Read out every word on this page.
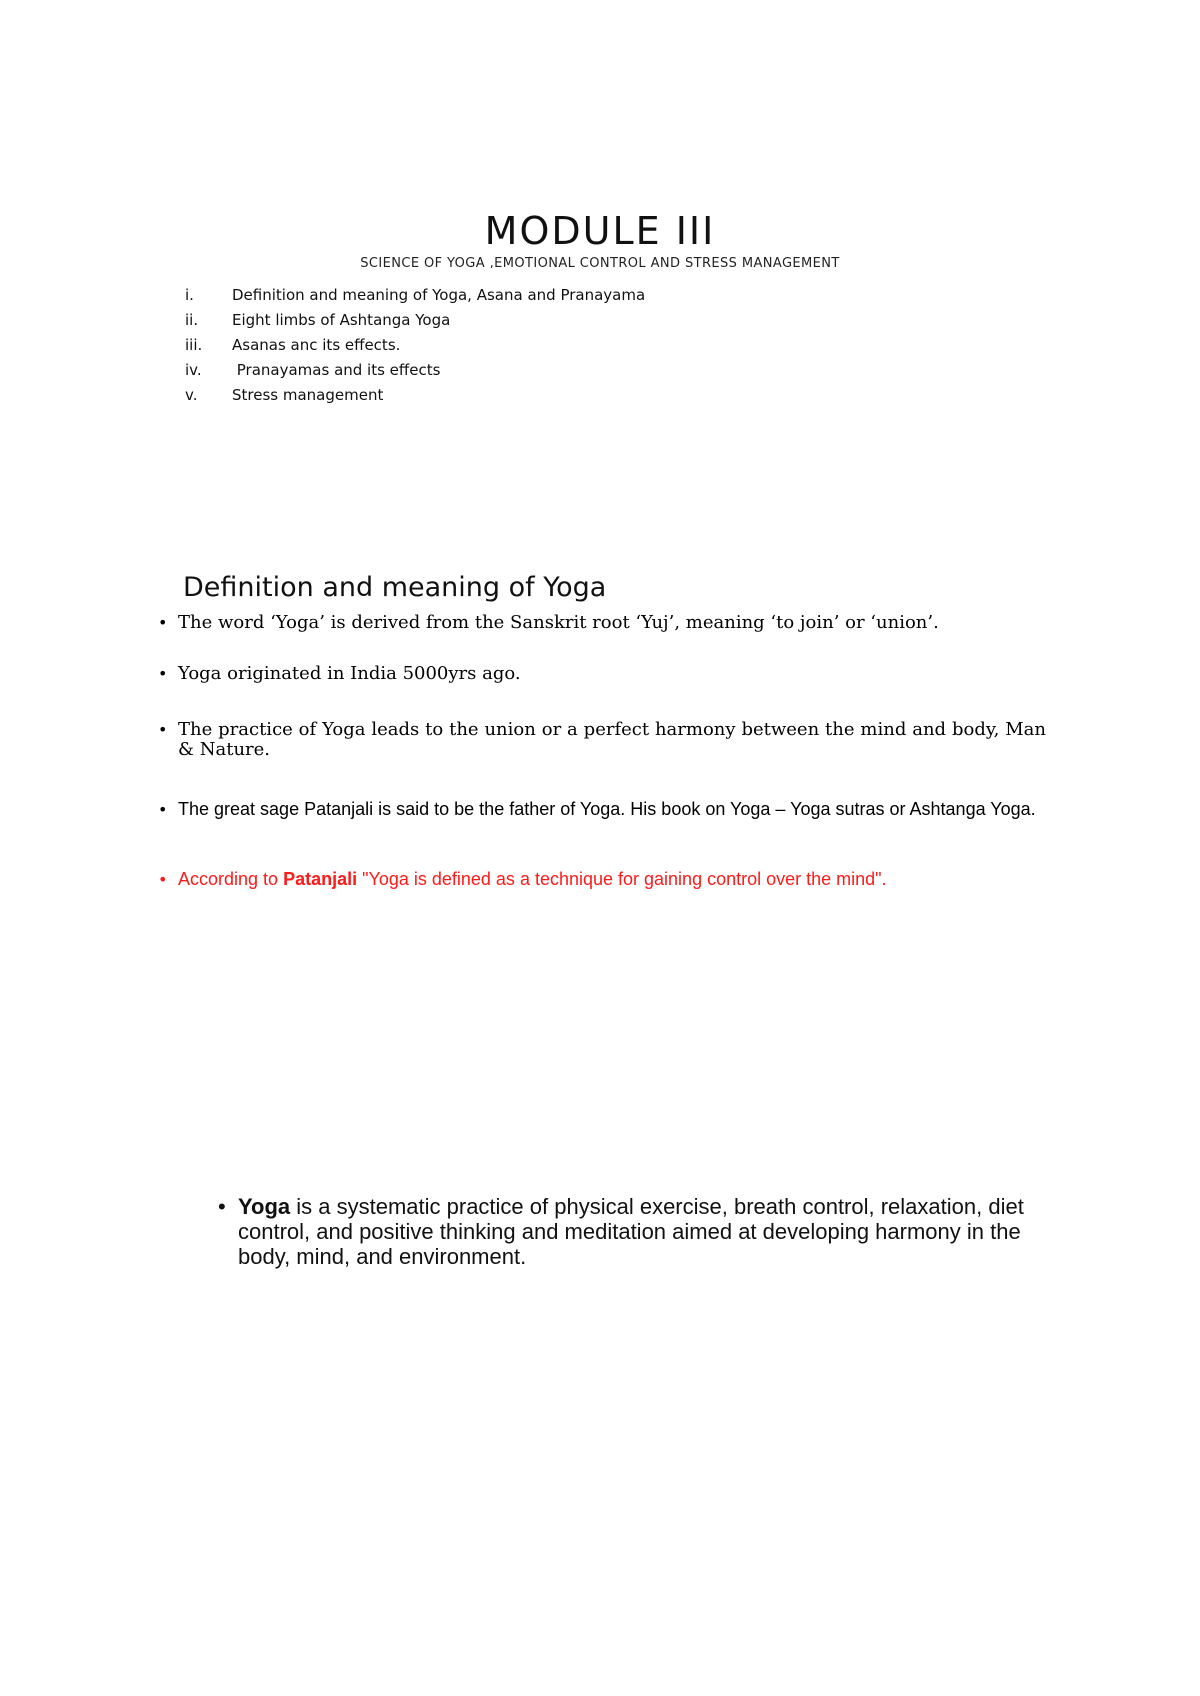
MODULE III
SCIENCE OF YOGA ,EMOTIONAL CONTROL AND STRESS MANAGEMENT
i.	Definition and meaning of Yoga, Asana and Pranayama
ii.	Eight limbs of Ashtanga Yoga
iii.	Asanas anc its effects.
iv.	Pranayamas and its effects
v.	Stress management
Definition and meaning of Yoga
• The word ‘Yoga’ is derived from the Sanskrit root ‘Yuj’, meaning ‘to join’ or ‘union’.
• Yoga originated in India 5000yrs ago.
• The practice of Yoga leads to the union or a perfect harmony between the mind and body, Man & Nature.
• The great sage Patanjali is said to be the father of Yoga. His book on Yoga – Yoga sutras or Ashtanga Yoga.
• According to Patanjali "Yoga is defined as a technique for gaining control over the mind".
• Yoga is a systematic practice of physical exercise, breath control, relaxation, diet control, and positive thinking and meditation aimed at developing harmony in the body, mind, and environment.
